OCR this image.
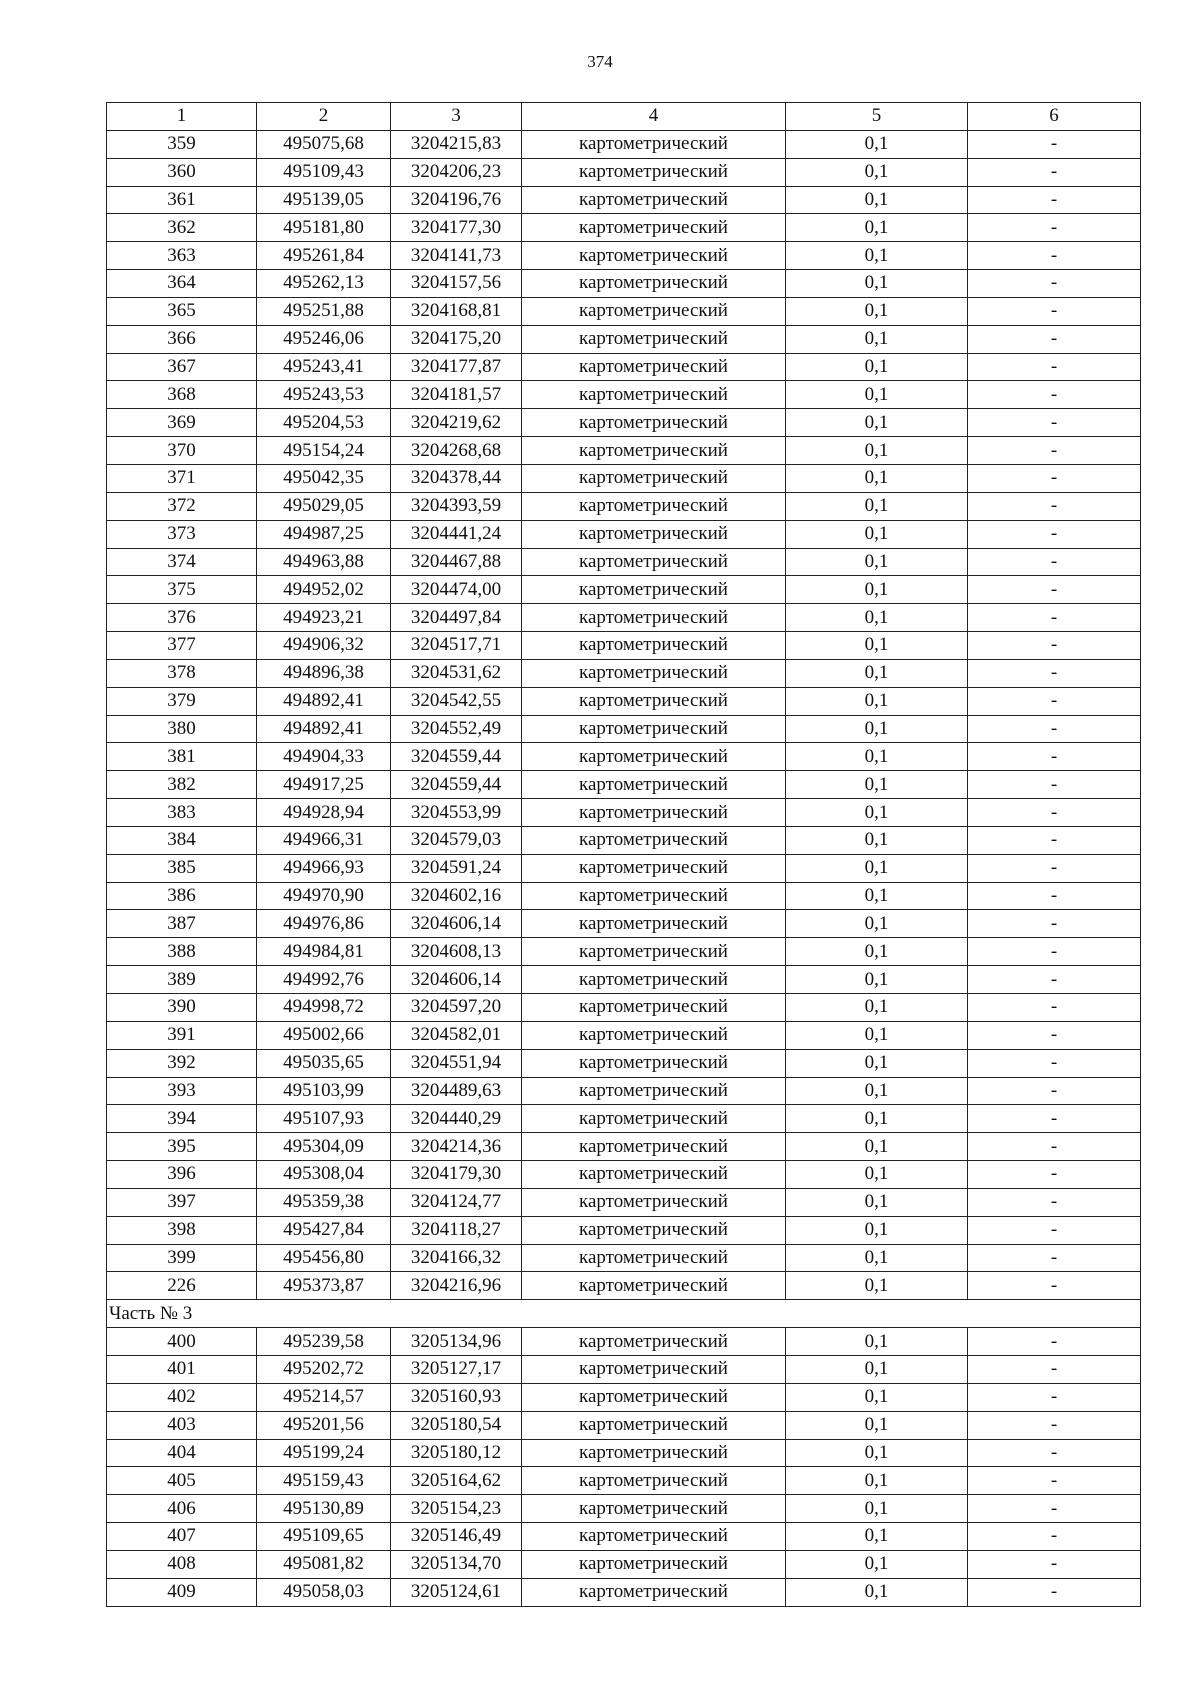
374
1	2	3	4	5	6
359	495075,68	3204215,83	картометрический	0,1	-
360	495109,43	3204206,23	картометрический	0,1	-
361	495139,05	3204196,76	картометрический	0,1	-
362	495181,80	3204177,30	картометрический	0,1	-
363	495261,84	3204141,73	картометрический	0,1	-
364	495262,13	3204157,56	картометрический	0,1	-
365	495251,88	3204168,81	картометрический	0,1	-
366	495246,06	3204175,20	картометрический	0,1	-
367	495243,41	3204177,87	картометрический	0,1	-
368	495243,53	3204181,57	картометрический	0,1	-
369	495204,53	3204219,62	картометрический	0,1	-
370	495154,24	3204268,68	картометрический	0,1	-
371	495042,35	3204378,44	картометрический	0,1	-
372	495029,05	3204393,59	картометрический	0,1	-
373	494987,25	3204441,24	картометрический	0,1	-
374	494963,88	3204467,88	картометрический	0,1	-
375	494952,02	3204474,00	картометрический	0,1	-
376	494923,21	3204497,84	картометрический	0,1	-
377	494906,32	3204517,71	картометрический	0,1	-
378	494896,38	3204531,62	картометрический	0,1	-
379	494892,41	3204542,55	картометрический	0,1	-
380	494892,41	3204552,49	картометрический	0,1	-
381	494904,33	3204559,44	картометрический	0,1	-
382	494917,25	3204559,44	картометрический	0,1	-
383	494928,94	3204553,99	картометрический	0,1	-
384	494966,31	3204579,03	картометрический	0,1	-
385	494966,93	3204591,24	картометрический	0,1	-
386	494970,90	3204602,16	картометрический	0,1	-
387	494976,86	3204606,14	картометрический	0,1	-
388	494984,81	3204608,13	картометрический	0,1	-
389	494992,76	3204606,14	картометрический	0,1	-
390	494998,72	3204597,20	картометрический	0,1	-
391	495002,66	3204582,01	картометрический	0,1	-
392	495035,65	3204551,94	картометрический	0,1	-
393	495103,99	3204489,63	картометрический	0,1	-
394	495107,93	3204440,29	картометрический	0,1	-
395	495304,09	3204214,36	картометрический	0,1	-
396	495308,04	3204179,30	картометрический	0,1	-
397	495359,38	3204124,77	картометрический	0,1	-
398	495427,84	3204118,27	картометрический	0,1	-
399	495456,80	3204166,32	картометрический	0,1	-
226	495373,87	3204216,96	картометрический	0,1	-
Часть № 3					
400	495239,58	3205134,96	картометрический	0,1	-
401	495202,72	3205127,17	картометрический	0,1	-
402	495214,57	3205160,93	картометрический	0,1	-
403	495201,56	3205180,54	картометрический	0,1	-
404	495199,24	3205180,12	картометрический	0,1	-
405	495159,43	3205164,62	картометрический	0,1	-
406	495130,89	3205154,23	картометрический	0,1	-
407	495109,65	3205146,49	картометрический	0,1	-
408	495081,82	3205134,70	картометрический	0,1	-
409	495058,03	3205124,61	картометрический	0,1	-
